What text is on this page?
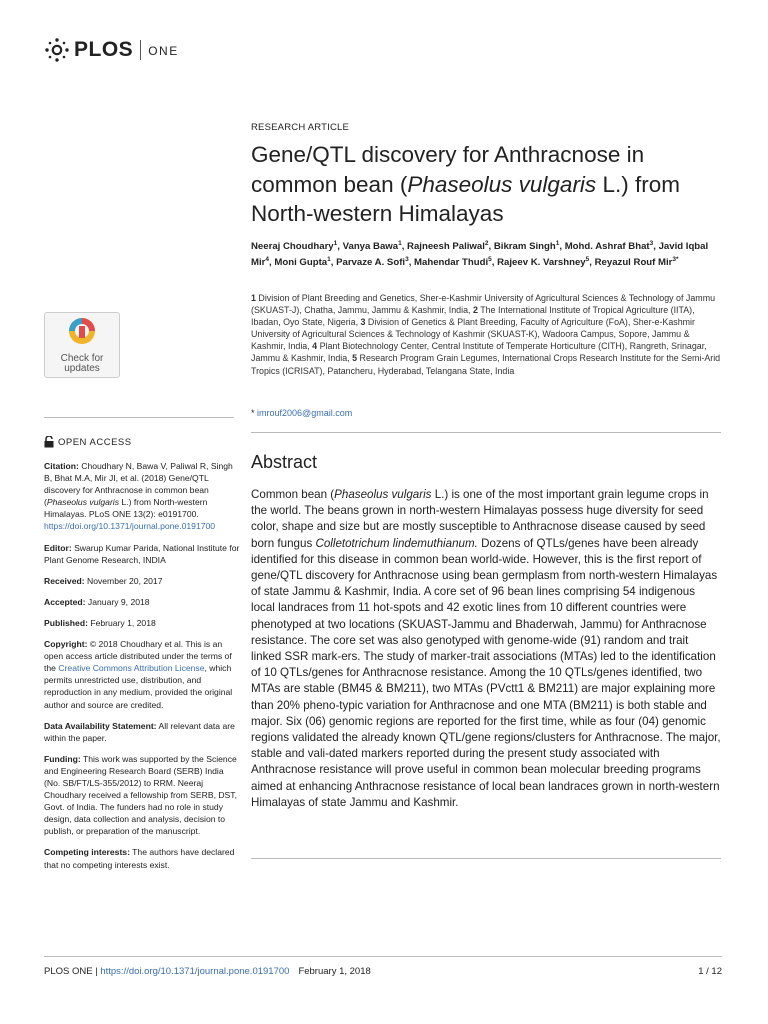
PLOS ONE
Check for
updates
OPEN ACCESS

Citation: Choudhary N, Bawa V, Paliwal R, Singh B, Bhat M.A, Mir JI, et al. (2018) Gene/QTL discovery for Anthracnose in common bean (Phaseolus vulgaris L.) from North-western Himalayas. PLoS ONE 13(2): e0191700. https://doi.org/10.1371/journal.pone.0191700

Editor: Swarup Kumar Parida, National Institute for Plant Genome Research, INDIA

Received: November 20, 2017

Accepted: January 9, 2018

Published: February 1, 2018

Copyright: © 2018 Choudhary et al. This is an open access article distributed under the terms of the Creative Commons Attribution License, which permits unrestricted use, distribution, and reproduction in any medium, provided the original author and source are credited.

Data Availability Statement: All relevant data are within the paper.

Funding: This work was supported by the Science and Engineering Research Board (SERB) India (No. SB/FT/LS-355/2012) to RRM. Neeraj Choudhary received a fellowship from SERB, DST, Govt. of India. The funders had no role in study design, data collection and analysis, decision to publish, or preparation of the manuscript.

Competing interests: The authors have declared that no competing interests exist.

RESEARCH ARTICLE
Gene/QTL discovery for Anthracnose in
common bean (Phaseolus vulgaris L.) from
North-western Himalayas
Neeraj Choudhary$^1$, Vanya Bawa$^1$, Rajneesh Paliwal$^2$, Bikram Singh$^1$, Mohd. Ashraf Bhat$^3$, Javid Iqbal Mir$^4$, Moni Gupta$^1$, Parvaze A. Sofi$^3$, Mahendar Thudi$^5$, Rajeev K. Varshney$^5$, Reyazul Rouf Mir$^{3*}$
1 Division of Plant Breeding and Genetics, Sher-e-Kashmir University of Agricultural Sciences & Technology of Jammu (SKUAST-J), Chatha, Jammu, Jammu & Kashmir, India, 2 The International Institute of Tropical Agriculture (IITA), Ibadan, Oyo State, Nigeria, 3 Division of Genetics & Plant Breeding, Faculty of Agriculture (FoA), Sher-e-Kashmir University of Agricultural Sciences & Technology of Kashmir (SKUAST-K), Wadoora Campus, Sopore, Jammu & Kashmir, India, 4 Plant Biotechnology Center, Central Institute of Temperate Horticulture (CITH), Rangreth, Srinagar, Jammu & Kashmir, India, 5 Research Program Grain Legumes, International Crops Research Institute for the Semi-Arid Tropics (ICRISAT), Patancheru, Hyderabad, Telangana State, India
* imrouf2006@gmail.com
Abstract
Common bean (Phaseolus vulgaris L.) is one of the most important grain legume crops in the world. The beans grown in north-western Himalayas possess huge diversity for seed color, shape and size but are mostly susceptible to Anthracnose disease caused by seed born fungus Colletotrichum lindemuthianum. Dozens of QTLs/genes have been already identified for this disease in common bean world-wide. However, this is the first report of gene/QTL discovery for Anthracnose using bean germplasm from north-western Himalayas of state Jammu & Kashmir, India. A core set of 96 bean lines comprising 54 indigenous local landraces from 11 hot-spots and 42 exotic lines from 10 different countries were phenotyped at two locations (SKUAST-Jammu and Bhaderwah, Jammu) for Anthracnose resistance. The core set was also genotyped with genome-wide (91) random and trait linked SSR mark-ers. The study of marker-trait associations (MTAs) led to the identification of 10 QTLs/genes for Anthracnose resistance. Among the 10 QTLs/genes identified, two MTAs are stable (BM45 & BM211), two MTAs (PVctt1 & BM211) are major explaining more than 20% pheno-typic variation for Anthracnose and one MTA (BM211) is both stable and major. Six (06) genomic regions are reported for the first time, while as four (04) genomic regions validated the already known QTL/gene regions/clusters for Anthracnose. The major, stable and vali-dated markers reported during the present study associated with Anthracnose resistance will prove useful in common bean molecular breeding programs aimed at enhancing Anthracnose resistance of local bean landraces grown in north-western Himalayas of state Jammu and Kashmir.
PLOS ONE | https://doi.org/10.1371/journal.pone.0191700 February 1, 2018	1 / 12
